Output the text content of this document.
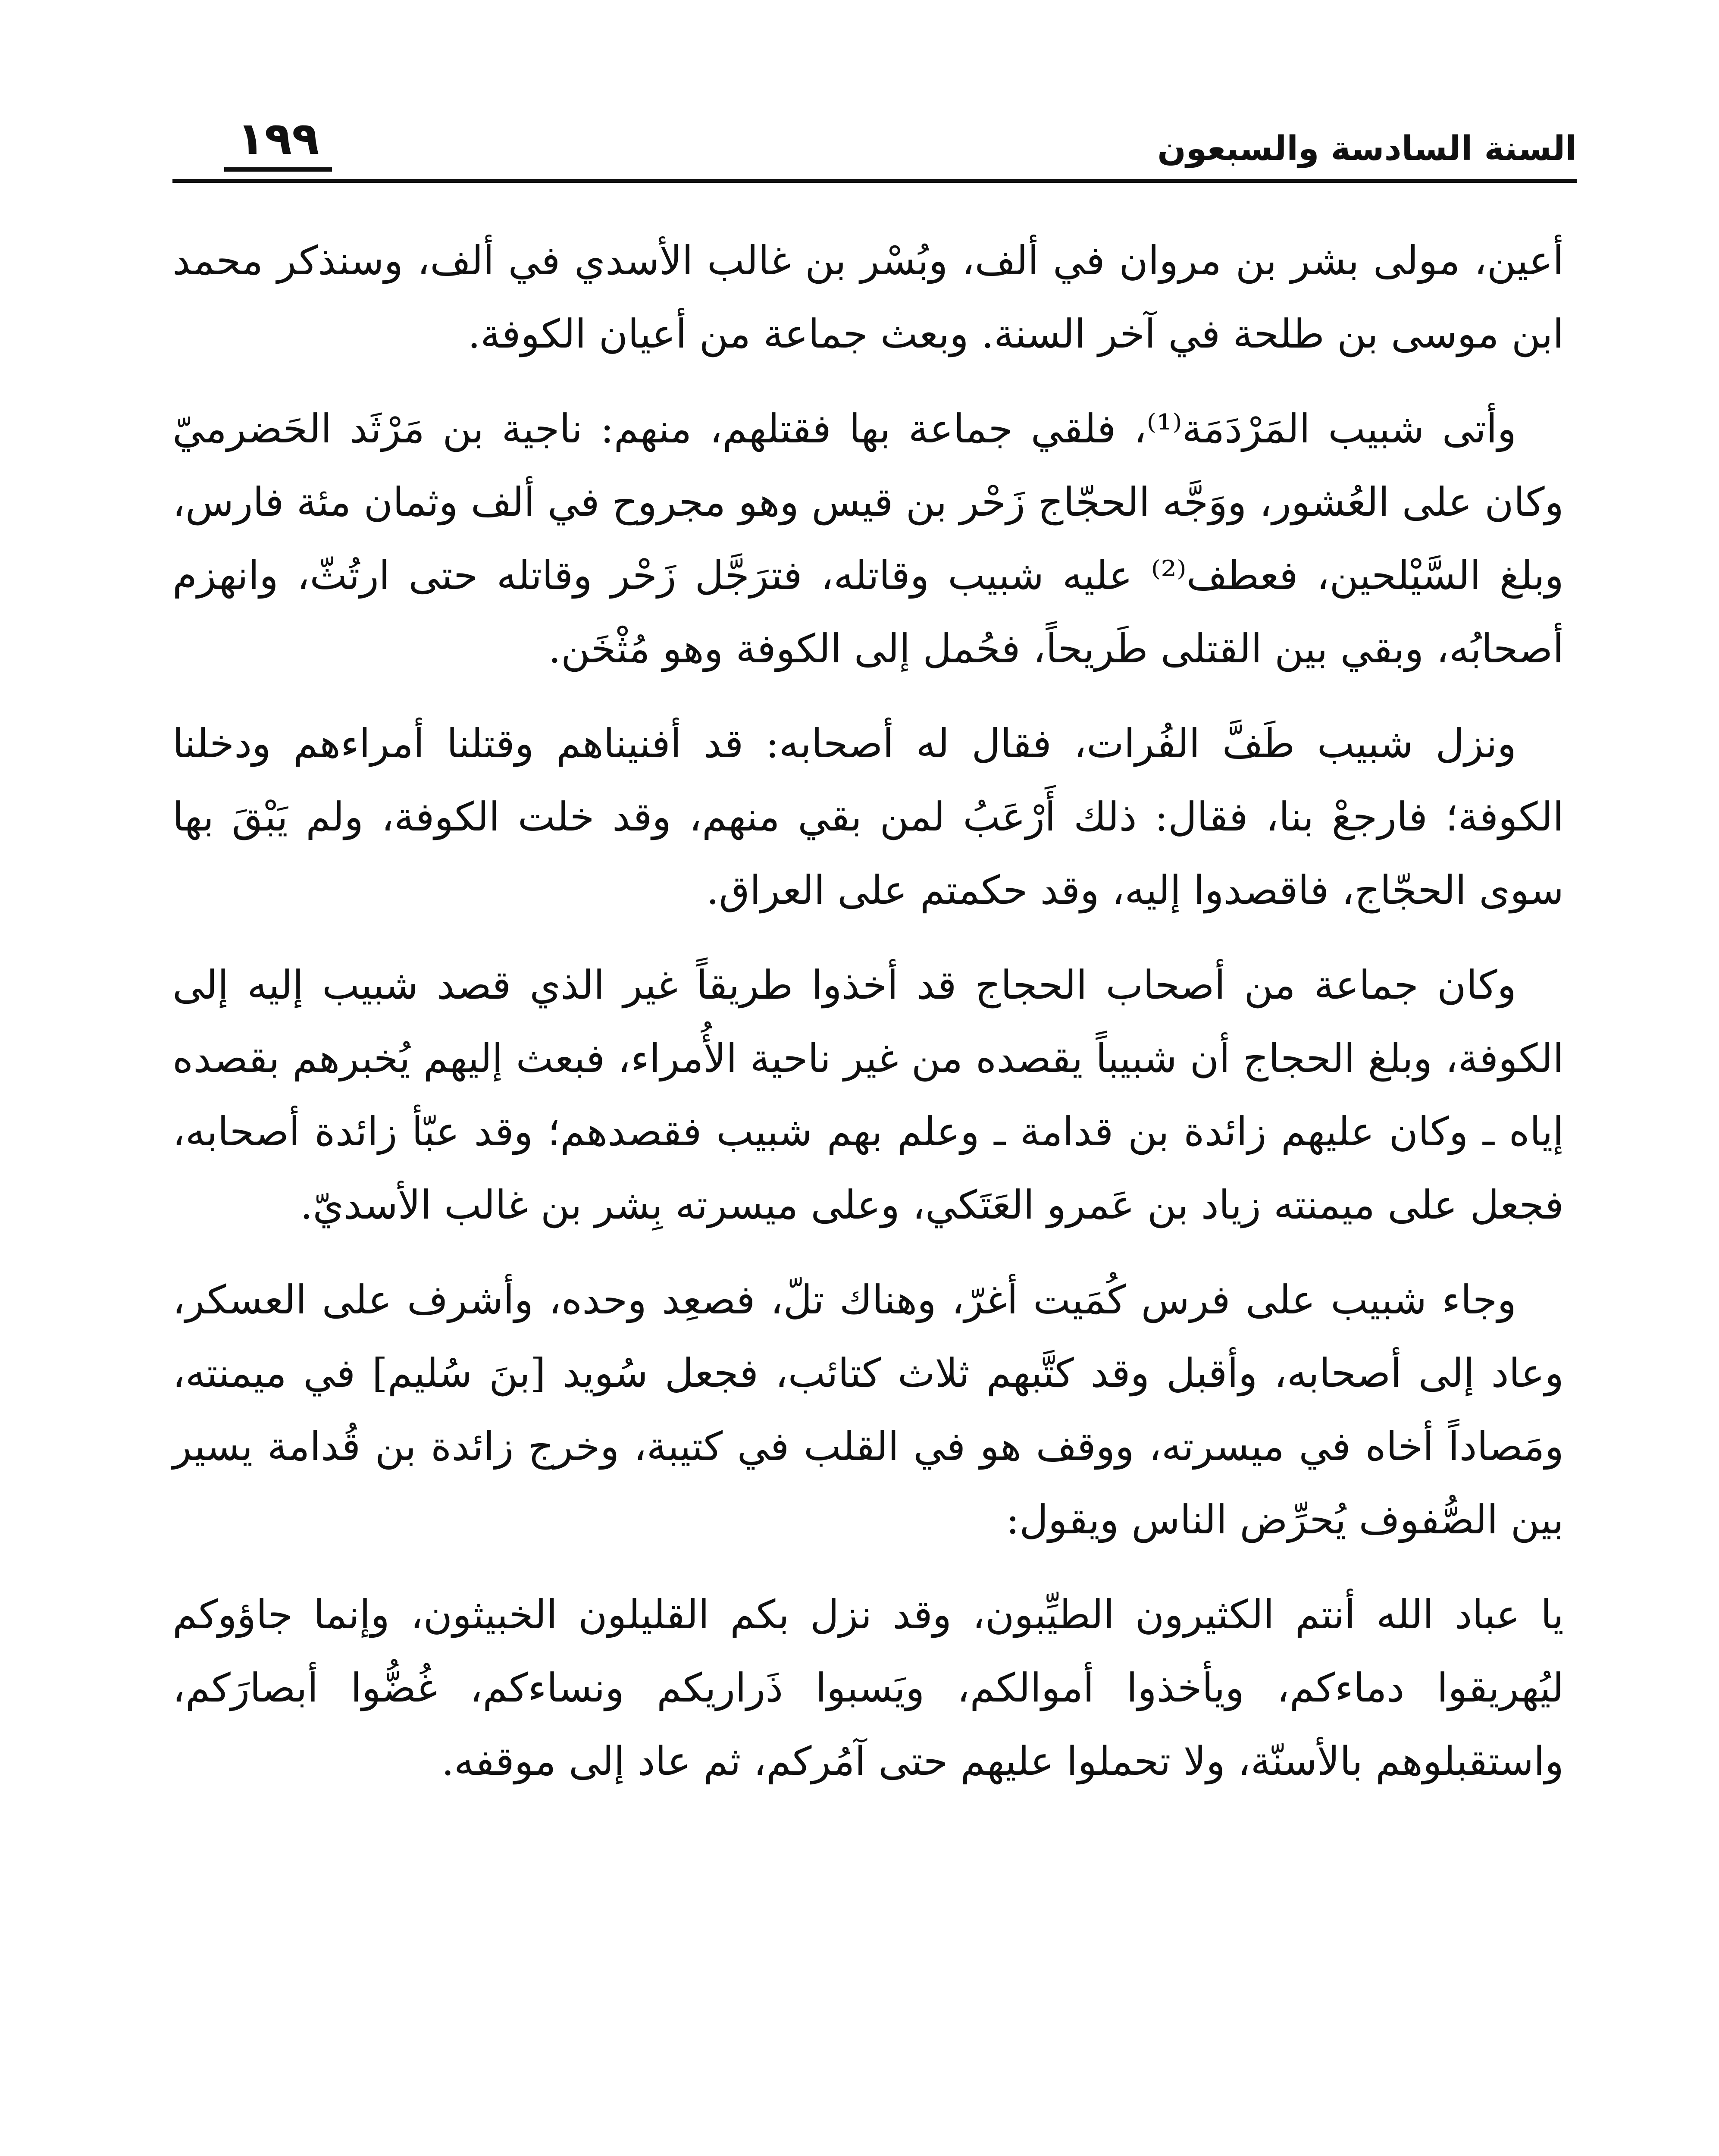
السنة السادسة والسبعون
١٩٩

أعين، مولى بشر بن مروان في ألف، وبُسْر بن غالب الأسدي في ألف، وسنذكر محمد ابن موسى بن طلحة في آخر السنة. وبعث جماعة من أعيان الكوفة.

وأتى شبيب المَرْدَمَة⁽¹⁾، فلقي جماعة بها فقتلهم، منهم: ناجية بن مَرْثَد الحَضرميّ وكان على العُشور، ووَجَّه الحجّاج زَحْر بن قيس وهو مجروح في ألف وثمان مئة فارس، وبلغ السَّيْلحين، فعطف⁽²⁾ عليه شبيب وقاتله، فترَجَّل زَحْر وقاتله حتى ارتُثّ، وانهزم أصحابُه، وبقي بين القتلى طَريحاً، فحُمل إلى الكوفة وهو مُثْخَن.

ونزل شبيب طَفَّ الفُرات، فقال له أصحابه: قد أفنيناهم وقتلنا أمراءهم ودخلنا الكوفة؛ فارجعْ بنا، فقال: ذلك أَرْعَبُ لمن بقي منهم، وقد خلت الكوفة، ولم يَبْقَ بها سوى الحجّاج، فاقصدوا إليه، وقد حكمتم على العراق.

وكان جماعة من أصحاب الحجاج قد أخذوا طريقاً غير الذي قصد شبيب إليه إلى الكوفة، وبلغ الحجاج أن شبيباً يقصده من غير ناحية الأُمراء، فبعث إليهم يُخبرهم بقصده إياه ـ وكان عليهم زائدة بن قدامة ـ وعلم بهم شبيب فقصدهم؛ وقد عبّأ زائدة أصحابه، فجعل على ميمنته زياد بن عَمرو العَتَكي، وعلى ميسرته بِشر بن غالب الأسديّ.

وجاء شبيب على فرس كُمَيت أغرّ، وهناك تلّ، فصعِد وحده، وأشرف على العسكر، وعاد إلى أصحابه، وأقبل وقد كتَّبهم ثلاث كتائب، فجعل سُويد [بنَ سُليم] في ميمنته، ومَصاداً أخاه في ميسرته، ووقف هو في القلب في كتيبة، وخرج زائدة بن قُدامة يسير بين الصُّفوف يُحرِّض الناس ويقول:

يا عباد الله أنتم الكثيرون الطيِّبون، وقد نزل بكم القليلون الخبيثون، وإنما جاؤوكم ليُهريقوا دماءكم، ويأخذوا أموالكم، ويَسبوا ذَراريكم ونساءكم، غُضُّوا أبصارَكم، واستقبلوهم بالأسنّة، ولا تحملوا عليهم حتى آمُركم، ثم عاد إلى موقفه.
